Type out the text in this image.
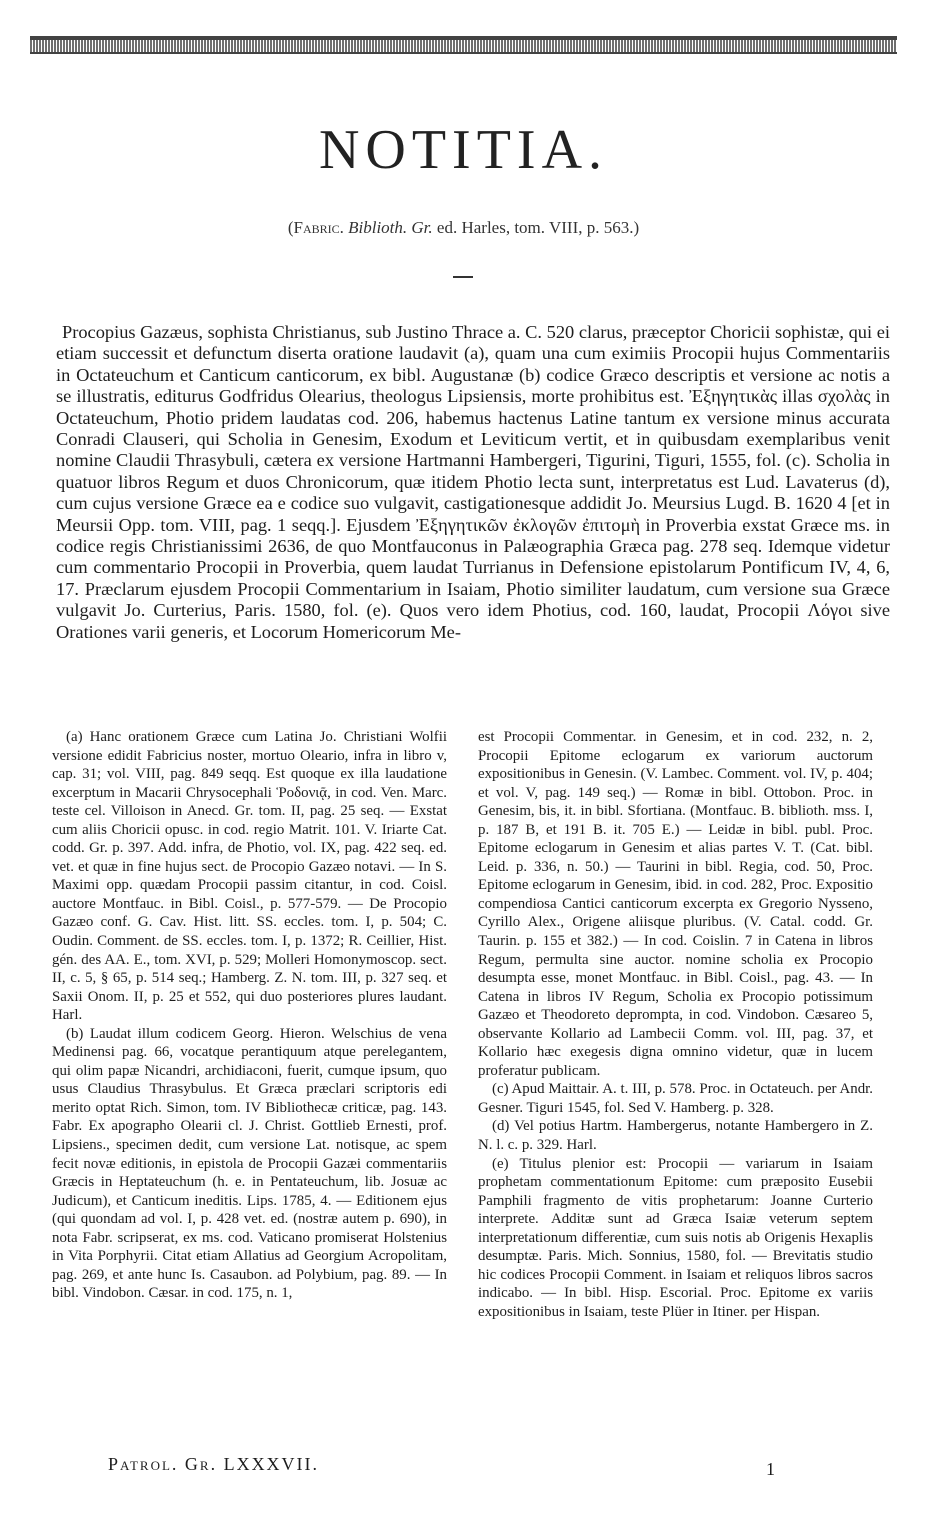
NOTITIA.
(Fabric. Biblioth. Gr. ed. Harles, tom. VIII, p. 563.)

Procopius Gazæus, sophista Christianus, sub Justino Thrace a. C. 520 clarus, præceptor Choricii sophistæ, qui ei etiam successit et defunctum diserta oratione laudavit (a), quam una cum eximiis Procopii hujus Commentariis in Octateuchum et Canticum canticorum, ex bibl. Augustanæ (b) codice Græco descriptis et versione ac notis a se illustratis, editurus Godfridus Olearius, theologus Lipsiensis, morte prohibitus est. Ἐξηγητικὰς illas σχολὰς in Octateuchum, Photio pridem laudatas cod. 206, habemus hactenus Latine tantum ex versione minus accurata Conradi Clauseri, qui Scholia in Genesim, Exodum et Leviticum vertit, et in quibusdam exemplaribus venit nomine Claudii Thrasybuli, cætera ex versione Hartmanni Hambergeri, Tigurini, Tiguri, 1555, fol. (c). Scholia in quatuor libros Regum et duos Chronicorum, quæ itidem Photio lecta sunt, interpretatus est Lud. Lavaterus (d), cum cujus versione Græce ea e codice suo vulgavit, castigationesque addidit Jo. Meursius Lugd. B. 1620 4 [et in Meursii Opp. tom. VIII, pag. 1 seqq.]. Ejusdem Ἐξηγητικῶν ἐκλογῶν ἐπιτομὴ in Proverbia exstat Græce ms. in codice regis Christianissimi 2636, de quo Montfauconus in Palæographia Græca pag. 278 seq. Idemque videtur cum commentario Procopii in Proverbia, quem laudat Turrianus in Defensione epistolarum Pontificum IV, 4, 6, 17. Præclarum ejusdem Procopii Commentarium in Isaiam, Photio similiter laudatum, cum versione sua Græce vulgavit Jo. Curterius, Paris. 1580, fol. (e). Quos vero idem Photius, cod. 160, laudat, Procopii Λόγοι sive Orationes varii generis, et Locorum Homericorum Me-

(a) Hanc orationem Græce cum Latina Jo. Christiani Wolfii versione edidit Fabricius noster, mortuo Oleario, infra in libro v, cap. 31; vol. VIII, pag. 849 seqq. Est quoque ex illa laudatione excerptum in Macarii Chrysocephali Ῥοδονιᾷ, in cod. Ven. Marc. teste cel. Villoison in Anecd. Gr. tom. II, pag. 25 seq. — Exstat cum aliis Choricii opusc. in cod. regio Matrit. 101. V. Iriarte Cat. codd. Gr. p. 397. Add. infra, de Photio, vol. IX, pag. 422 seq. ed. vet. et quæ in fine hujus sect. de Procopio Gazæo notavi. — In S. Maximi opp. quædam Procopii passim citantur, in cod. Coisl. auctore Montfauc. in Bibl. Coisl., p. 577-579. — De Procopio Gazæo conf. G. Cav. Hist. litt. SS. eccles. tom. I, p. 504; C. Oudin. Comment. de SS. eccles. tom. I, p. 1372; R. Ceillier, Hist. gén. des AA. E., tom. XVI, p. 529; Molleri Homonymoscop. sect. II, c. 5, § 65, p. 514 seq.; Hamberg. Z. N. tom. III, p. 327 seq. et Saxii Onom. II, p. 25 et 552, qui duo posteriores plures laudant. Harl.

(b) Laudat illum codicem Georg. Hieron. Welschius de vena Medinensi pag. 66, vocatque perantiquum atque perelegantem, qui olim papæ Nicandri, archidiaconi, fuerit, cumque ipsum, quo usus Claudius Thrasybulus. Et Græca præclari scriptoris edi merito optat Rich. Simon, tom. IV Bibliothecæ criticæ, pag. 143. Fabr. Ex apographo Olearii cl. J. Christ. Gottlieb Ernesti, prof. Lipsiens., specimen dedit, cum versione Lat. notisque, ac spem fecit novæ editionis, in epistola de Procopii Gazæi commentariis Græcis in Heptateuchum (h. e. in Pentateuchum, lib. Josuæ ac Judicum), et Canticum ineditis. Lips. 1785, 4. — Editionem ejus (qui quondam ad vol. I, p. 428 vet. ed. (nostræ autem p. 690), in nota Fabr. scripserat, ex ms. cod. Vaticano promiserat Holstenius in Vita Porphyrii. Citat etiam Allatius ad Georgium Acropolitam, pag. 269, et ante hunc Is. Casaubon. ad Polybium, pag. 89. — In bibl. Vindobon. Cæsar. in cod. 175, n. 1,

est Procopii Commentar. in Genesim, et in cod. 232, n. 2, Procopii Epitome eclogarum ex variorum auctorum expositionibus in Genesin. (V. Lambec. Comment. vol. IV, p. 404; et vol. V, pag. 149 seq.) — Romæ in bibl. Ottobon. Proc. in Genesim, bis, it. in bibl. Sfortiana. (Montfauc. B. biblioth. mss. I, p. 187 B, et 191 B. it. 705 E.) — Leidæ in bibl. publ. Proc. Epitome eclogarum in Genesim et alias partes V. T. (Cat. bibl. Leid. p. 336, n. 50.) — Taurini in bibl. Regia, cod. 50, Proc. Epitome eclogarum in Genesim, ibid. in cod. 282, Proc. Expositio compendiosa Cantici canticorum excerpta ex Gregorio Nysseno, Cyrillo Alex., Origene aliisque pluribus. (V. Catal. codd. Gr. Taurin. p. 155 et 382.) — In cod. Coislin. 7 in Catena in libros Regum, permulta sine auctor. nomine scholia ex Procopio desumpta esse, monet Montfauc. in Bibl. Coisl., pag. 43. — In Catena in libros IV Regum, Scholia ex Procopio potissimum Gazæo et Theodoreto deprompta, in cod. Vindobon. Cæsareo 5, observante Kollario ad Lambecii Comm. vol. III, pag. 37, et Kollario hæc exegesis digna omnino videtur, quæ in lucem proferatur publicam.

(c) Apud Maittair. A. t. III, p. 578. Proc. in Octateuch. per Andr. Gesner. Tiguri 1545, fol. Sed V. Hamberg. p. 328.

(d) Vel potius Hartm. Hambergerus, notante Hambergero in Z. N. l. c. p. 329. Harl.

(e) Titulus plenior est: Procopii — variarum in Isaiam prophetam commentationum Epitome: cum præposito Eusebii Pamphili fragmento de vitis prophetarum: Joanne Curterio interprete. Additæ sunt ad Græca Isaiæ veterum septem interpretationum differentiæ, cum suis notis ab Origenis Hexaplis desumptæ. Paris. Mich. Sonnius, 1580, fol. — Brevitatis studio hic codices Procopii Comment. in Isaiam et reliquos libros sacros indicabo. — In bibl. Hisp. Escorial. Proc. Epitome ex variis expositionibus in Isaiam, teste Plüer in Itiner. per Hispan.

Patrol. Gr. LXXXVII.	1
